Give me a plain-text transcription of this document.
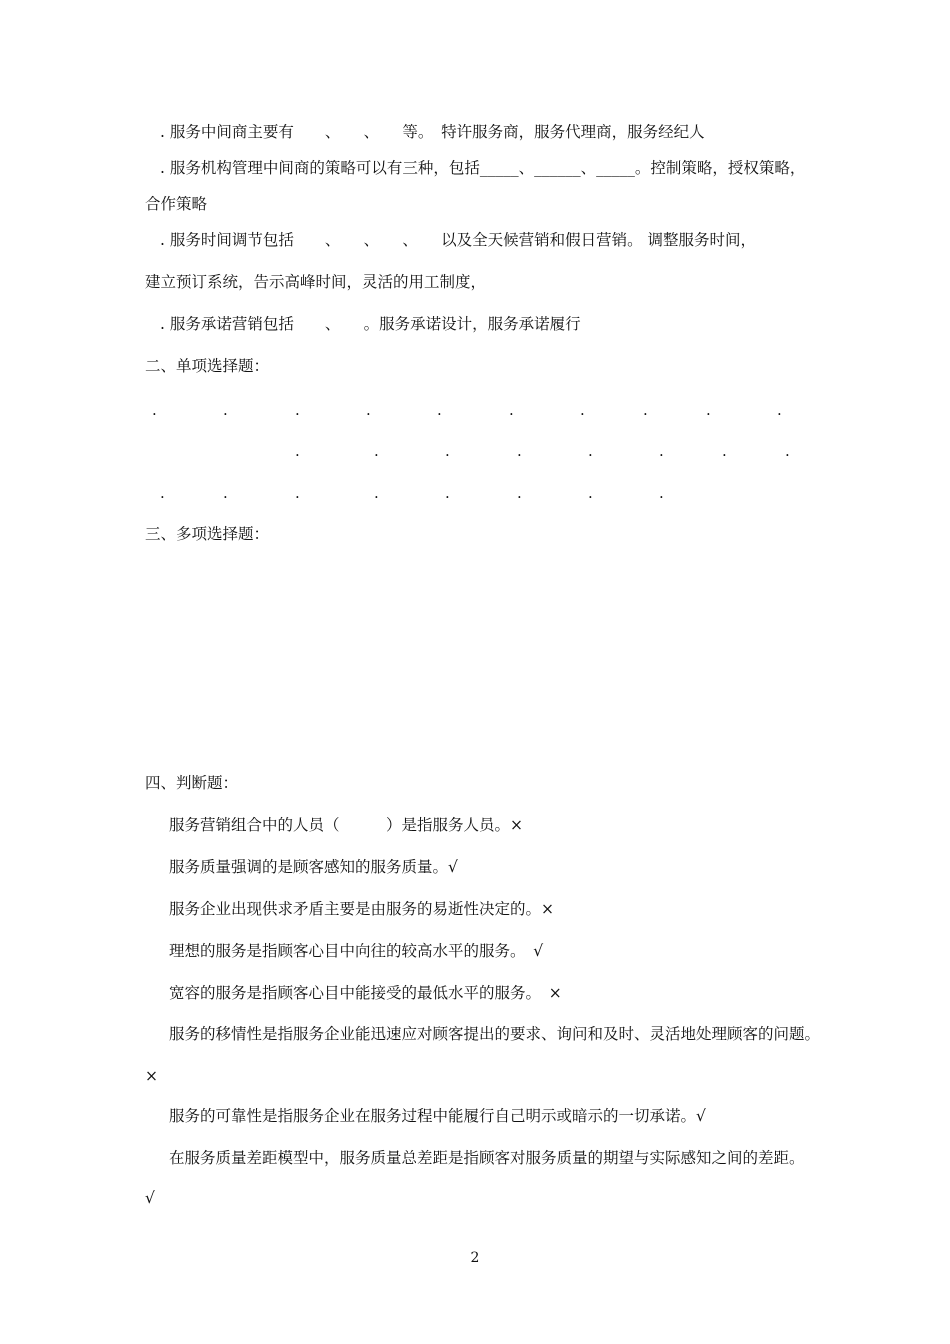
. 服务中间商主要有　　、　　、　　等。　特许服务商，服务代理商，服务经纪人
. 服务机构管理中间商的策略可以有三种，包括_____、______、_____。控制策略，授权策略，
合作策略
. 服务时间调节包括　　、　　、　　、　　以及全天候营销和假日营销。 调整服务时间，
建立预订系统，告示高峰时间，灵活的用工制度，
. 服务承诺营销包括　　、　　。服务承诺设计，服务承诺履行
二、单项选择题：
.	.	.	.	.	.	.	.	.	.
.	.	.	.	.	.	.	.
.	.	.	.	.	.	.	.
三、多项选择题：
四、判断题：
服务营销组合中的人员（　　　）是指服务人员。×
服务质量强调的是顾客感知的服务质量。√
服务企业出现供求矛盾主要是由服务的易逝性决定的。×
理想的服务是指顾客心目中向往的较高水平的服务。　√
宽容的服务是指顾客心目中能接受的最低水平的服务。　×
服务的移情性是指服务企业能迅速应对顾客提出的要求、询问和及时、灵活地处理顾客的问题。
×
服务的可靠性是指服务企业在服务过程中能履行自己明示或暗示的一切承诺。√
在服务质量差距模型中，服务质量总差距是指顾客对服务质量的期望与实际感知之间的差距。
√
2
